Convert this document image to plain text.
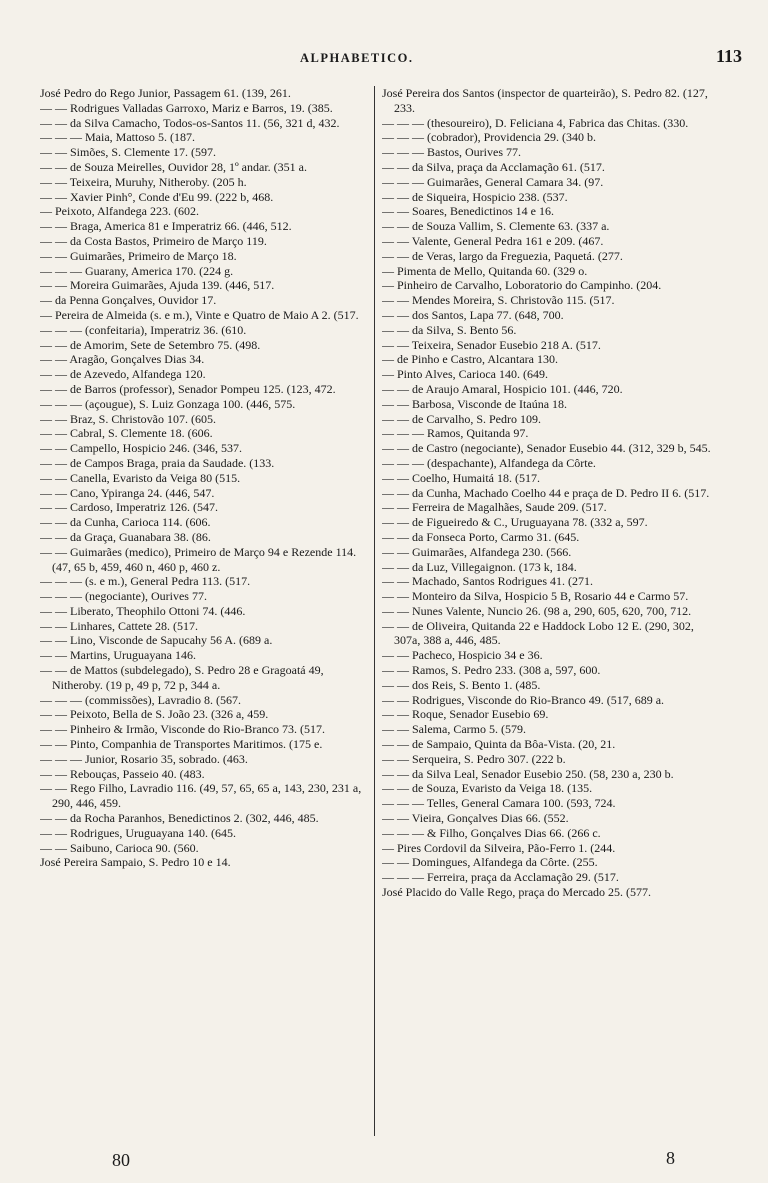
ALPHABETICO.	113

José Pedro do Rego Junior, Passagem 61. (139, 261.

— — Rodrigues Valladas Garroxo, Mariz e Barros, 19. (385.

— — da Silva Camacho, Todos-os-Santos 11. (56, 321 d, 432.

— — — Maia, Mattoso 5. (187.

— — Simões, S. Clemente 17. (597.

— — de Souza Meirelles, Ouvidor 28, 1º andar. (351 a.

— — Teixeira, Muruhy, Nitheroby. (205 h.

— — Xavier Pinh°, Conde d'Eu 99. (222 b, 468.

— Peixoto, Alfandega 223. (602.

— — Braga, America 81 e Imperatriz 66. (446, 512.

— — da Costa Bastos, Primeiro de Março 119.

— — Guimarães, Primeiro de Março 18.

— — — Guarany, America 170. (224 g.

— — Moreira Guimarães, Ajuda 139. (446, 517.

— da Penna Gonçalves, Ouvidor 17.

— Pereira de Almeida (s. e m.), Vinte e Quatro de Maio A 2. (517.

— — — (confeitaria), Imperatriz 36. (610.

— — de Amorim, Sete de Setembro 75. (498.

— — Aragão, Gonçalves Dias 34.

— — de Azevedo, Alfandega 120.

— — de Barros (professor), Senador Pompeu 125. (123, 472.

— — — (açougue), S. Luiz Gonzaga 100. (446, 575.

— — Braz, S. Christovão 107. (605.

— — Cabral, S. Clemente 18. (606.

— — Campello, Hospicio 246. (346, 537.

— — de Campos Braga, praia da Saudade. (133.

— — Canella, Evaristo da Veiga 80 (515.

— — Cano, Ypiranga 24. (446, 547.

— — Cardoso, Imperatriz 126. (547.

— — da Cunha, Carioca 114. (606.

— — da Graça, Guanabara 38. (86.

— — Guimarães (medico), Primeiro de Março 94 e Rezende 114. (47, 65 b, 459, 460 n, 460 p, 460 z.

— — — (s. e m.), General Pedra 113. (517.

— — — (negociante), Ourives 77.

— — Liberato, Theophilo Ottoni 74. (446.

— — Linhares, Cattete 28. (517.

— — Lino, Visconde de Sapucahy 56 A. (689 a.

— — Martins, Uruguayana 146.

— — de Mattos (subdelegado), S. Pedro 28 e Gragoatá 49, Nitheroby. (19 p, 49 p, 72 p, 344 a.

— — — (commissões), Lavradio 8. (567.

— — Peixoto, Bella de S. João 23. (326 a, 459.

— — Pinheiro & Irmão, Visconde do Rio-Branco 73. (517.

— — Pinto, Companhia de Transportes Maritimos. (175 e.

— — — Junior, Rosario 35, sobrado. (463.

— — Rebouças, Passeio 40. (483.

— — Rego Filho, Lavradio 116. (49, 57, 65, 65 a, 143, 230, 231 a, 290, 446, 459.

— — da Rocha Paranhos, Benedictinos 2. (302, 446, 485.

— — Rodrigues, Uruguayana 140. (645.

— — Saibuno, Carioca 90. (560.

José Pereira Sampaio, S. Pedro 10 e 14.

José Pereira dos Santos (inspector de quarteirão), S. Pedro 82. (127, 233.

— — — (thesoureiro), D. Feliciana 4, Fabrica das Chitas. (330.

— — — (cobrador), Providencia 29. (340 b.

— — — Bastos, Ourives 77.

— — da Silva, praça da Acclamação 61. (517.

— — — Guimarães, General Camara 34. (97.

— — de Siqueira, Hospicio 238. (537.

— — Soares, Benedictinos 14 e 16.

— — de Souza Vallim, S. Clemente 63. (337 a.

— — Valente, General Pedra 161 e 209. (467.

— — de Veras, largo da Freguezia, Paquetá. (277.

— Pimenta de Mello, Quitanda 60. (329 o.

— Pinheiro de Carvalho, Loboratorio do Campinho. (204.

— — Mendes Moreira, S. Christovão 115. (517.

— — dos Santos, Lapa 77. (648, 700.

— — da Silva, S. Bento 56.

— — Teixeira, Senador Eusebio 218 A. (517.

— de Pinho e Castro, Alcantara 130.

— Pinto Alves, Carioca 140. (649.

— — de Araujo Amaral, Hospicio 101. (446, 720.

— — Barbosa, Visconde de Itaúna 18.

— — de Carvalho, S. Pedro 109.

— — — Ramos, Quitanda 97.

— — de Castro (negociante), Senador Eusebio 44. (312, 329 b, 545.

— — — (despachante), Alfandega da Côrte.

— — Coelho, Humaitá 18. (517.

— — da Cunha, Machado Coelho 44 e praça de D. Pedro II 6. (517.

— — Ferreira de Magalhães, Saude 209. (517.

— — de Figueiredo & C., Uruguayana 78. (332 a, 597.

— — da Fonseca Porto, Carmo 31. (645.

— — Guimarães, Alfandega 230. (566.

— — da Luz, Villegaignon. (173 k, 184.

— — Machado, Santos Rodrigues 41. (271.

— — Monteiro da Silva, Hospicio 5 B, Rosario 44 e Carmo 57.

— — Nunes Valente, Nuncio 26. (98 a, 290, 605, 620, 700, 712.

— — de Oliveira, Quitanda 22 e Haddock Lobo 12 E. (290, 302, 307a, 388 a, 446, 485.

— — Pacheco, Hospicio 34 e 36.

— — Ramos, S. Pedro 233. (308 a, 597, 600.

— — dos Reis, S. Bento 1. (485.

— — Rodrigues, Visconde do Rio-Branco 49. (517, 689 a.

— — Roque, Senador Eusebio 69.

— — Salema, Carmo 5. (579.

— — de Sampaio, Quinta da Bôa-Vista. (20, 21.

— — Serqueira, S. Pedro 307. (222 b.

— — da Silva Leal, Senador Eusebio 250. (58, 230 a, 230 b.

— — de Souza, Evaristo da Veiga 18. (135.

— — — Telles, General Camara 100. (593, 724.

— — Vieira, Gonçalves Dias 66. (552.

— — — & Filho, Gonçalves Dias 66. (266 c.

— Pires Cordovil da Silveira, Pão-Ferro 1. (244.

— — Domingues, Alfandega da Côrte. (255.

— — — Ferreira, praça da Acclamação 29. (517.

José Placido do Valle Rego, praça do Mercado 25. (577.

80	8
